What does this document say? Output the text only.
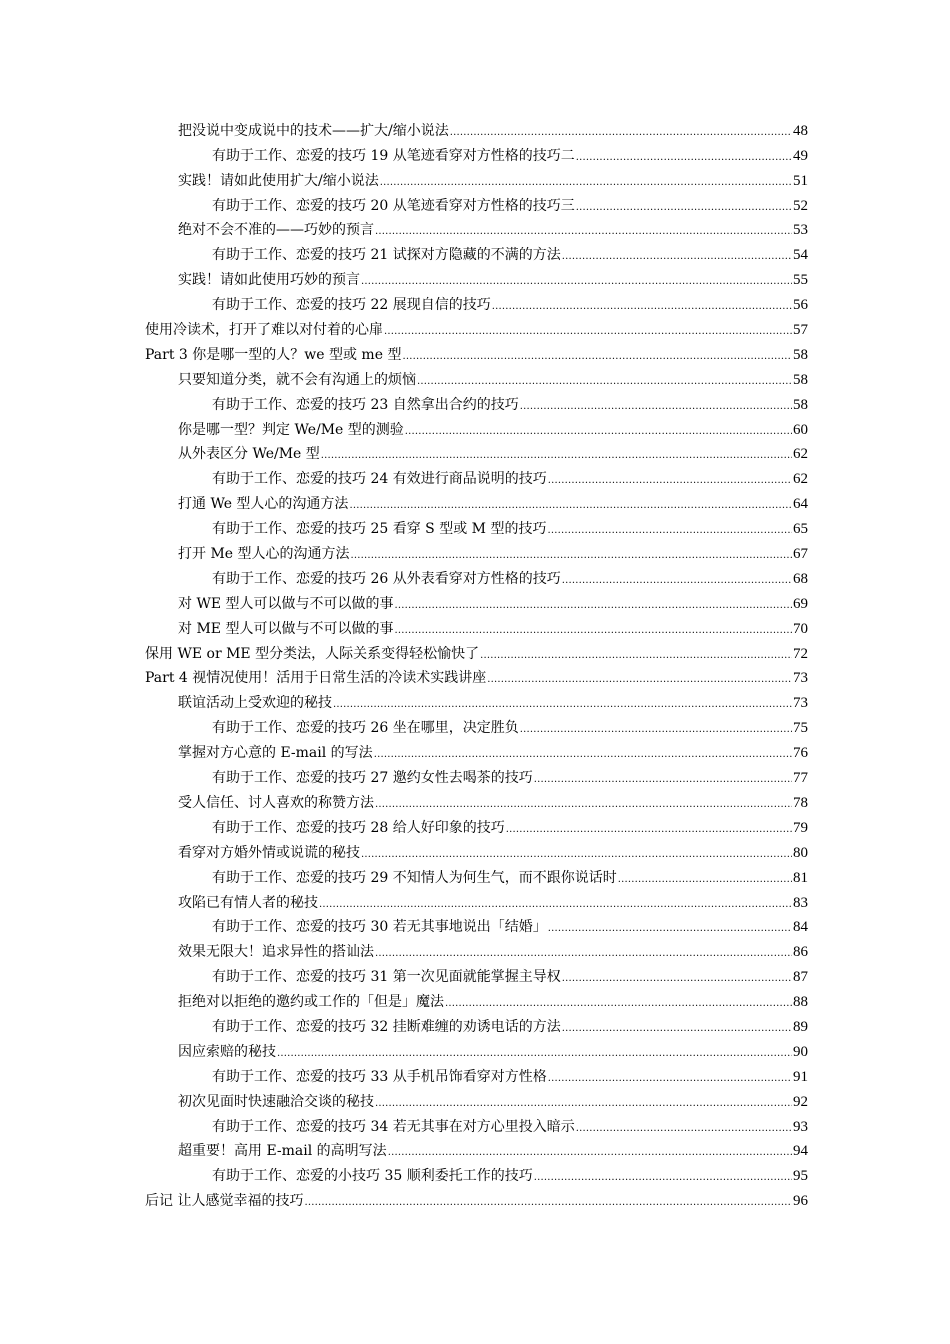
把没说中变成说中的技术——扩大/缩小说法 .....	48
有助于工作、恋爱的技巧 19 从笔迹看穿对方性格的技巧二 .....	49
实践！请如此使用扩大/缩小说法 .....	51
有助于工作、恋爱的技巧 20 从笔迹看穿对方性格的技巧三 .....	52
绝对不会不准的——巧妙的预言 .....	53
有助于工作、恋爱的技巧 21 试探对方隐藏的不满的方法 .....	54
实践！请如此使用巧妙的预言 .....	55
有助于工作、恋爱的技巧 22 展现自信的技巧 .....	56
使用冷读术，打开了难以对付着的心扉 .....	57
Part 3 你是哪一型的人？we 型或 me 型 .....	58
只要知道分类，就不会有沟通上的烦恼 .....	58
有助于工作、恋爱的技巧 23 自然拿出合约的技巧 .....	58
你是哪一型？判定 We/Me 型的测验 .....	60
从外表区分 We/Me 型 .....	62
有助于工作、恋爱的技巧 24 有效进行商品说明的技巧 .....	62
打通 We 型人心的沟通方法 .....	64
有助于工作、恋爱的技巧 25 看穿 S 型或 M 型的技巧 .....	65
打开 Me 型人心的沟通方法 .....	67
有助于工作、恋爱的技巧 26 从外表看穿对方性格的技巧 .....	68
对 WE 型人可以做与不可以做的事 .....	69
对 ME 型人可以做与不可以做的事 .....	70
保用 WE or ME 型分类法，人际关系变得轻松愉快了 .....	72
Part 4 视情况使用！活用于日常生活的冷读术实践讲座 .....	73
联谊活动上受欢迎的秘技 .....	73
有助于工作、恋爱的技巧 26 坐在哪里，决定胜负 .....	75
掌握对方心意的 E-mail 的写法 .....	76
有助于工作、恋爱的技巧 27 邀约女性去喝茶的技巧 .....	77
受人信任、讨人喜欢的称赞方法 .....	78
有助于工作、恋爱的技巧 28 给人好印象的技巧 .....	79
看穿对方婚外情或说谎的秘技 .....	80
有助于工作、恋爱的技巧 29 不知情人为何生气，而不跟你说话时 .....	81
攻陷已有情人者的秘技 .....	83
有助于工作、恋爱的技巧 30 若无其事地说出「结婚」 .....	84
效果无限大！追求异性的搭讪法 .....	86
有助于工作、恋爱的技巧 31 第一次见面就能掌握主导权 .....	87
拒绝对以拒绝的邀约或工作的「但是」魔法 .....	88
有助于工作、恋爱的技巧 32 挂断难缠的劝诱电话的方法 .....	89
因应索赔的秘技 .....	90
有助于工作、恋爱的技巧 33 从手机吊饰看穿对方性格 .....	91
初次见面时快速融洽交谈的秘技 .....	92
有助于工作、恋爱的技巧 34 若无其事在对方心里投入暗示 .....	93
超重要！高用 E-mail 的高明写法 .....	94
有助于工作、恋爱的小技巧 35 顺利委托工作的技巧 .....	95
后记 让人感觉幸福的技巧 .....	96
